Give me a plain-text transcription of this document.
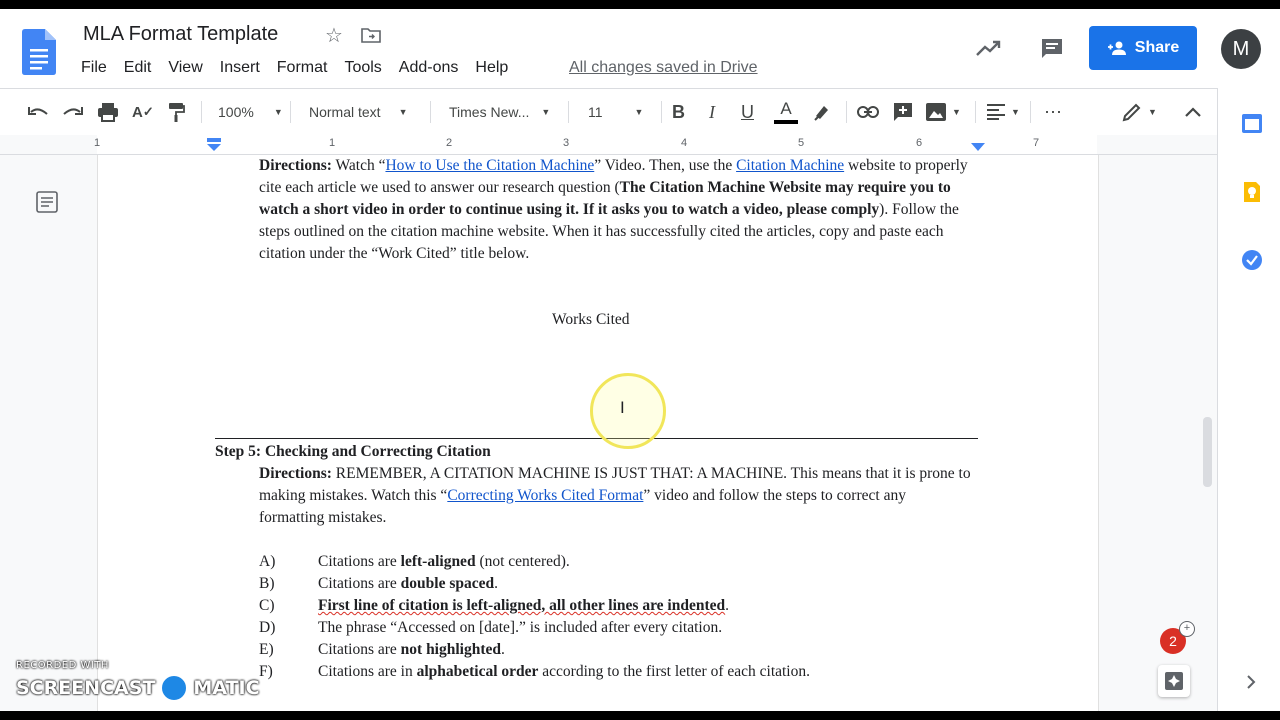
MLA Format Template ☆
File	Edit	View	Insert	Format	Tools	Add-ons	Help	All changes saved in Drive
Share	M
A ✓	100% ▼ Normal text ▼	Times New... ▼	11	▼ B I U A	▼	▼ ⋯	▼
1	1	2	3	4	5	6	7
Directions: Watch “How to Use the Citation Machine” Video. Then, use the Citation Machine website to properly cite each article we used to answer our research question (The Citation Machine Website may require you to watch a short video in order to continue using it. If it asks you to watch a video, please comply). Follow the steps outlined on the citation machine website. When it has successfully cited the articles, copy and paste each citation under the “Work Cited” title below.
Works Cited
Step 5: Checking and Correcting Citation
Directions: REMEMBER, A CITATION MACHINE IS JUST THAT: A MACHINE. This means that it is prone to making mistakes. Watch this “Correcting Works Cited Format” video and follow the steps to correct any formatting mistakes.
A)	Citations are left-aligned (not centered).
B)	Citations are double spaced.
C)	First line of citation is left-aligned, all other lines are indented.
D)	The phrase “Accessed on [date].” is included after every citation.
E)	Citations are not highlighted.
F)	Citations are in alphabetical order according to the first letter of each citation.
I
2
+
RECORDED WITH
SCREENCAST MATIC
